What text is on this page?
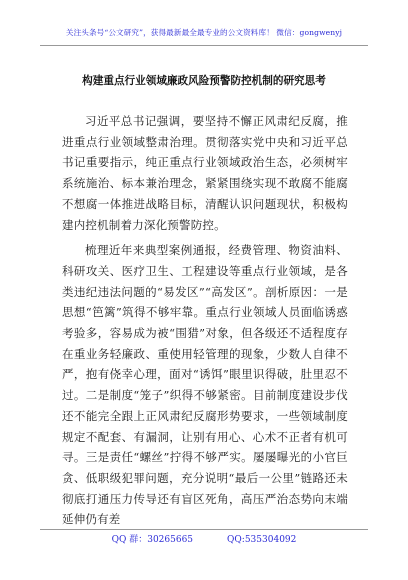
关注头条号“公文研究”，获得最新最全最专业的公文资料库！ 微信：gongwenyj
构建重点行业领域廉政风险预警防控机制的研究思考

习近平总书记强调，要坚持不懈正风肃纪反腐，推进重点行业领域整肃治理。贯彻落实党中央和习近平总书记重要指示，纯正重点行业领域政治生态，必须树牢系统施治、标本兼治理念，紧紧围绕实现不敢腐不能腐不想腐一体推进战略目标，清醒认识问题现状，积极构建内控机制着力深化预警防控。

梳理近年来典型案例通报，经费管理、物资油料、科研攻关、医疗卫生、工程建设等重点行业领域，是各类违纪违法问题的“易发区”“高发区”。剖析原因：一是思想“笆篱”筑得不够牢靠。重点行业领域人员面临诱惑考验多，容易成为被“围猎”对象，但各级还不适程度存在重业务轻廉政、重使用轻管理的现象，少数人自律不严，抱有侥幸心理，面对“诱饵”眼里识得破，肚里忍不过。二是制度“笼子”织得不够紧密。目前制度建设步伐还不能完全跟上正风肃纪反腐形势要求，一些领域制度规定不配套、有漏洞，让别有用心、心术不正者有机可寻。三是责任“螺丝”拧得不够严实。屡屡曝光的小官巨贪、低职级犯罪问题，充分说明“最后一公里”链路还未彻底打通压力传导还有盲区死角，高压严治态势向末端延伸仍有差

QQ 群：30265665	QQ:535304092
